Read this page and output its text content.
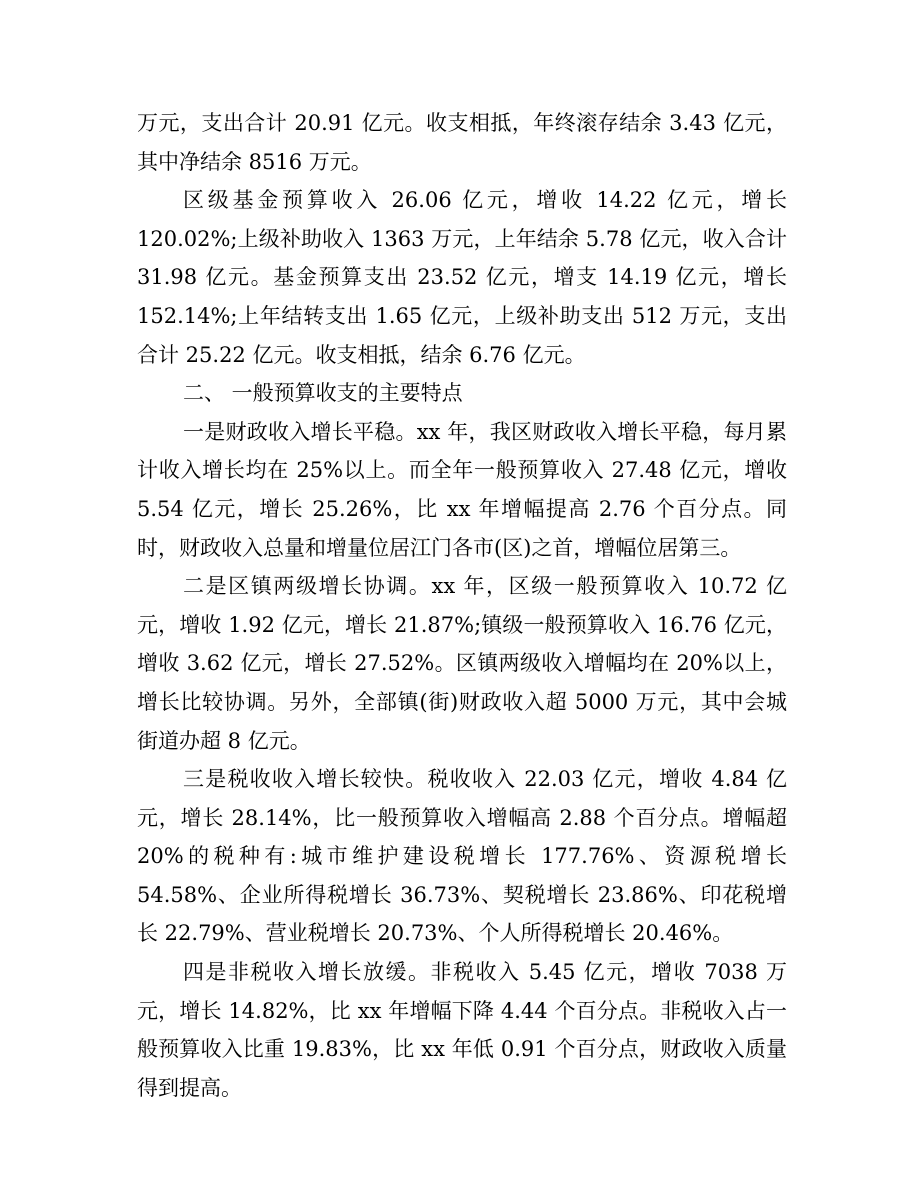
万元，支出合计 20.91 亿元。收支相抵，年终滚存结余 3.43 亿元，其中净结余 8516 万元。

区级基金预算收入 26.06 亿元，增收 14.22 亿元，增长 120.02%;上级补助收入 1363 万元，上年结余 5.78 亿元，收入合计 31.98 亿元。基金预算支出 23.52 亿元，增支 14.19 亿元，增长 152.14%;上年结转支出 1.65 亿元，上级补助支出 512 万元，支出合计 25.22 亿元。收支相抵，结余 6.76 亿元。

二、 一般预算收支的主要特点

一是财政收入增长平稳。xx 年，我区财政收入增长平稳，每月累计收入增长均在 25%以上。而全年一般预算收入 27.48 亿元，增收 5.54 亿元，增长 25.26%，比 xx 年增幅提高 2.76 个百分点。同时，财政收入总量和增量位居江门各市(区)之首，增幅位居第三。

二是区镇两级增长协调。xx 年，区级一般预算收入 10.72 亿元，增收 1.92 亿元，增长 21.87%;镇级一般预算收入 16.76 亿元，增收 3.62 亿元，增长 27.52%。区镇两级收入增幅均在 20%以上，增长比较协调。另外，全部镇(街)财政收入超 5000 万元，其中会城街道办超 8 亿元。

三是税收收入增长较快。税收收入 22.03 亿元，增收 4.84 亿元，增长 28.14%，比一般预算收入增幅高 2.88 个百分点。增幅超 20%的税种有:城市维护建设税增长 177.76%、资源税增长 54.58%、企业所得税增长 36.73%、契税增长 23.86%、印花税增长 22.79%、营业税增长 20.73%、个人所得税增长 20.46%。

四是非税收入增长放缓。非税收入 5.45 亿元，增收 7038 万元，增长 14.82%，比 xx 年增幅下降 4.44 个百分点。非税收入占一般预算收入比重 19.83%，比 xx 年低 0.91 个百分点，财政收入质量得到提高。
